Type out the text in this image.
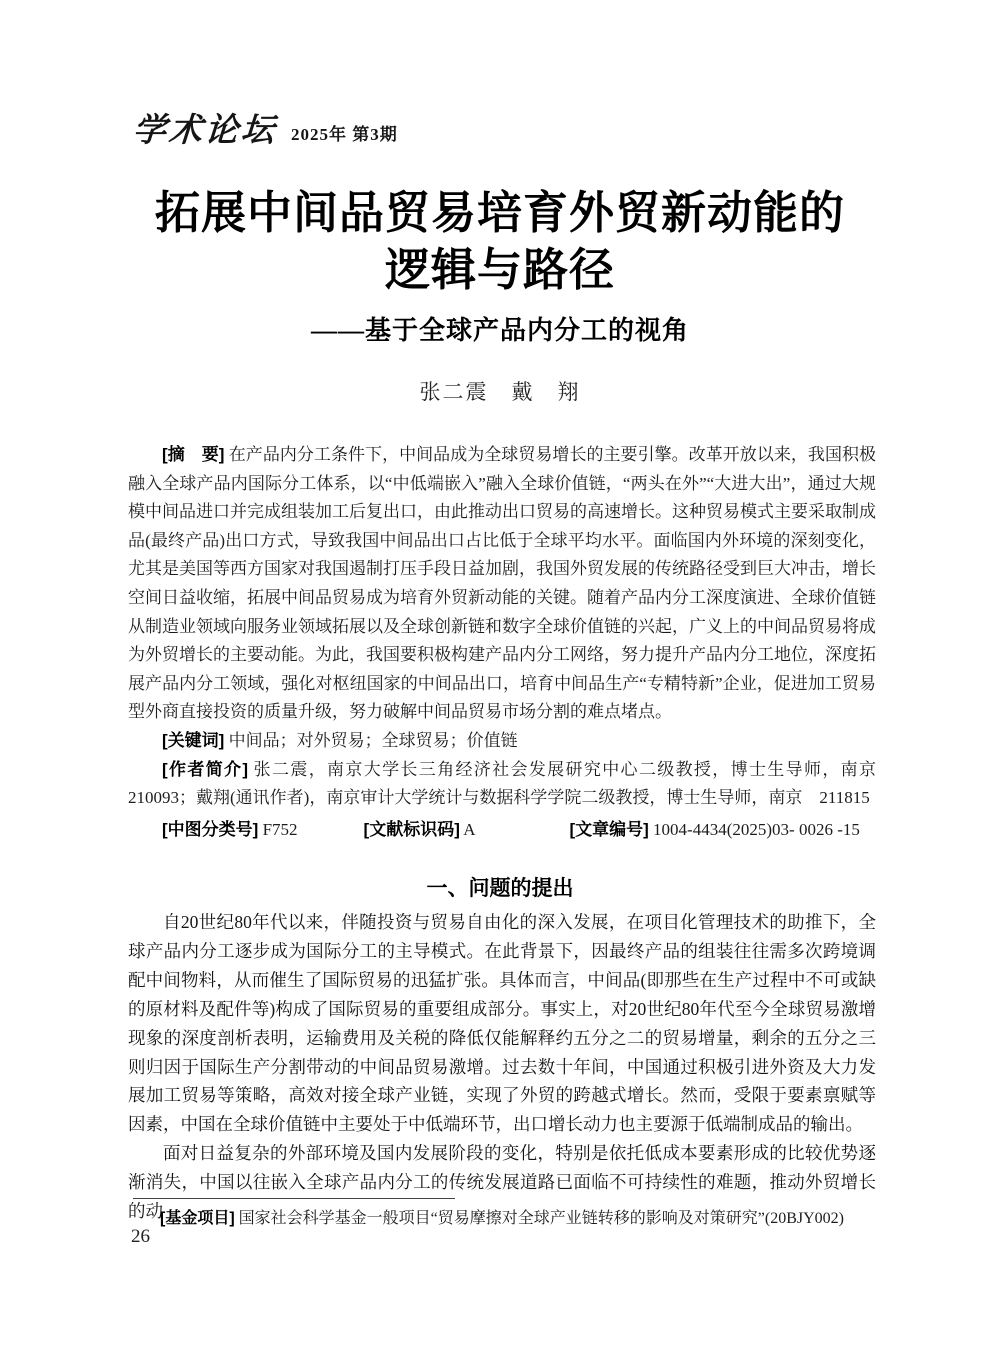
学术论坛 2025年 第3期
拓展中间品贸易培育外贸新动能的
逻辑与路径
——基于全球产品内分工的视角
张二震　戴　翔

[摘　要] 在产品内分工条件下，中间品成为全球贸易增长的主要引擎。改革开放以来，我国积极融入全球产品内国际分工体系，以“中低端嵌入”融入全球价值链，“两头在外”“大进大出”，通过大规模中间品进口并完成组装加工后复出口，由此推动出口贸易的高速增长。这种贸易模式主要采取制成品(最终产品)出口方式，导致我国中间品出口占比低于全球平均水平。面临国内外环境的深刻变化，尤其是美国等西方国家对我国遏制打压手段日益加剧，我国外贸发展的传统路径受到巨大冲击，增长空间日益收缩，拓展中间品贸易成为培育外贸新动能的关键。随着产品内分工深度演进、全球价值链从制造业领域向服务业领域拓展以及全球创新链和数字全球价值链的兴起，广义上的中间品贸易将成为外贸增长的主要动能。为此，我国要积极构建产品内分工网络，努力提升产品内分工地位，深度拓展产品内分工领域，强化对枢纽国家的中间品出口，培育中间品生产“专精特新”企业，促进加工贸易型外商直接投资的质量升级，努力破解中间品贸易市场分割的难点堵点。

[关键词] 中间品；对外贸易；全球贸易；价值链

[作者简介] 张二震，南京大学长三角经济社会发展研究中心二级教授，博士生导师，南京210093；戴翔(通讯作者)，南京审计大学统计与数据科学学院二级教授，博士生导师，南京　211815

[中图分类号] F752	[文献标识码] A	[文章编号] 1004-4434(2025)03- 0026 -15
一、问题的提出

自20世纪80年代以来，伴随投资与贸易自由化的深入发展，在项目化管理技术的助推下，全球产品内分工逐步成为国际分工的主导模式。在此背景下，因最终产品的组装往往需多次跨境调配中间物料，从而催生了国际贸易的迅猛扩张。具体而言，中间品(即那些在生产过程中不可或缺的原材料及配件等)构成了国际贸易的重要组成部分。事实上，对20世纪80年代至今全球贸易激增现象的深度剖析表明，运输费用及关税的降低仅能解释约五分之二的贸易增量，剩余的五分之三则归因于国际生产分割带动的中间品贸易激增。过去数十年间，中国通过积极引进外资及大力发展加工贸易等策略，高效对接全球产业链，实现了外贸的跨越式增长。然而，受限于要素禀赋等因素，中国在全球价值链中主要处于中低端环节，出口增长动力也主要源于低端制成品的输出。

面对日益复杂的外部环境及国内发展阶段的变化，特别是依托低成本要素形成的比较优势逐渐消失，中国以往嵌入全球产品内分工的传统发展道路已面临不可持续性的难题，推动外贸增长的动

[基金项目] 国家社会科学基金一般项目“贸易摩擦对全球产业链转移的影响及对策研究”(20BJY002)
26
